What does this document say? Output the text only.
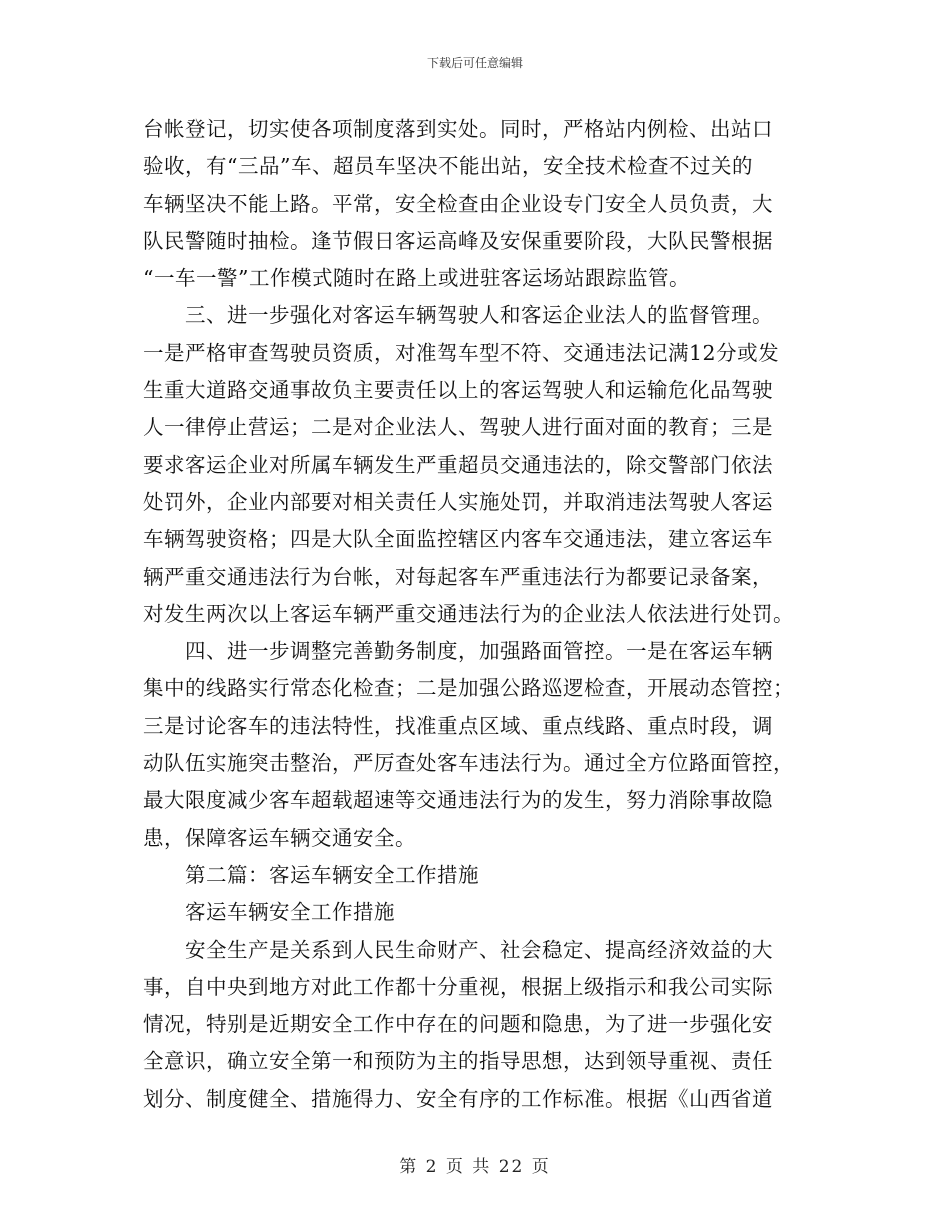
下载后可任意编辑
台帐登记，切实使各项制度落到实处。同时，严格站内例检、出站口
验收，有“三品”车、超员车坚决不能出站，安全技术检查不过关的
车辆坚决不能上路。平常，安全检查由企业设专门安全人员负责，大
队民警随时抽检。逢节假日客运高峰及安保重要阶段，大队民警根据
“一车一警”工作模式随时在路上或进驻客运场站跟踪监管。
三、进一步强化对客运车辆驾驶人和客运企业法人的监督管理。
一是严格审查驾驶员资质，对准驾车型不符、交通违法记满12分或发
生重大道路交通事故负主要责任以上的客运驾驶人和运输危化品驾驶
人一律停止营运；二是对企业法人、驾驶人进行面对面的教育；三是
要求客运企业对所属车辆发生严重超员交通违法的，除交警部门依法
处罚外，企业内部要对相关责任人实施处罚，并取消违法驾驶人客运
车辆驾驶资格；四是大队全面监控辖区内客车交通违法，建立客运车
辆严重交通违法行为台帐，对每起客车严重违法行为都要记录备案，
对发生两次以上客运车辆严重交通违法行为的企业法人依法进行处罚。
四、进一步调整完善勤务制度，加强路面管控。一是在客运车辆
集中的线路实行常态化检查；二是加强公路巡逻检查，开展动态管控；
三是讨论客车的违法特性，找准重点区域、重点线路、重点时段，调
动队伍实施突击整治，严厉查处客车违法行为。通过全方位路面管控，
最大限度减少客车超载超速等交通违法行为的发生，努力消除事故隐
患，保障客运车辆交通安全。
第二篇：客运车辆安全工作措施
客运车辆安全工作措施
安全生产是关系到人民生命财产、社会稳定、提高经济效益的大
事，自中央到地方对此工作都十分重视，根据上级指示和我公司实际
情况，特别是近期安全工作中存在的问题和隐患，为了进一步强化安
全意识，确立安全第一和预防为主的指导思想，达到领导重视、责任
划分、制度健全、措施得力、安全有序的工作标准。根据《山西省道
第 2 页 共 22 页
